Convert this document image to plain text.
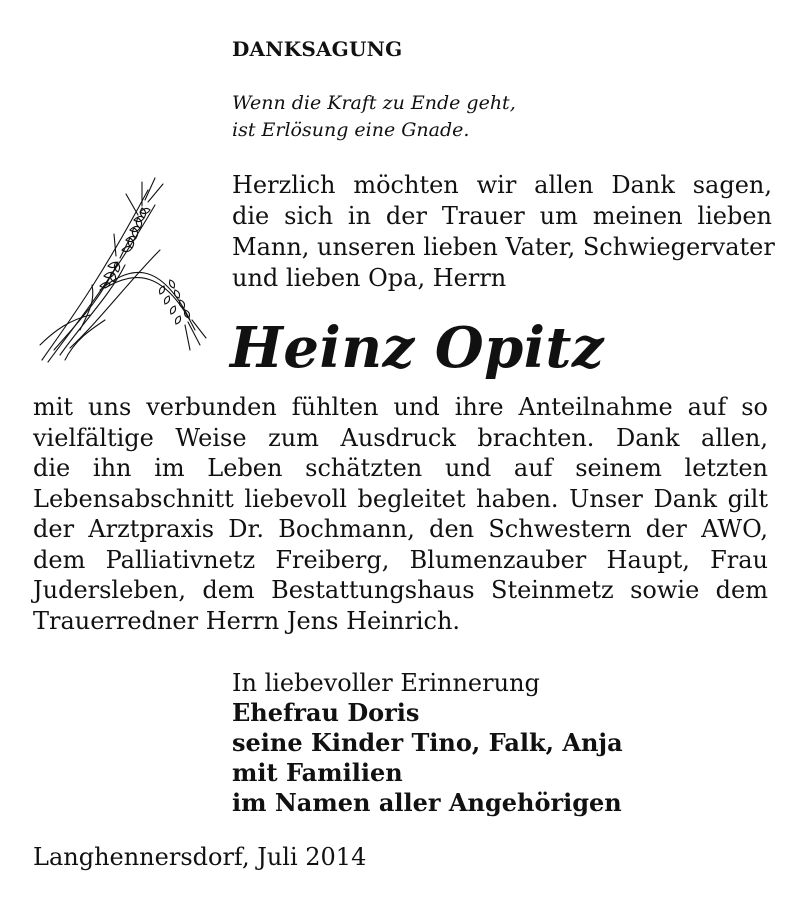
DANKSAGUNG
Wenn die Kraft zu Ende geht,
ist Erlösung eine Gnade.
Herzlich möchten wir allen Dank sagen,
die sich in der Trauer um meinen lieben
Mann, unseren lieben Vater, Schwiegervater
und lieben Opa, Herrn
Heinz Opitz
mit uns verbunden fühlten und ihre Anteilnahme auf so
vielfältige Weise zum Ausdruck brachten. Dank allen,
die ihn im Leben schätzten und auf seinem letzten
Lebensabschnitt liebevoll begleitet haben. Unser Dank gilt
der Arztpraxis Dr. Bochmann, den Schwestern der AWO,
dem Palliativnetz Freiberg, Blumenzauber Haupt, Frau
Judersleben, dem Bestattungshaus Steinmetz sowie dem
Trauerredner Herrn Jens Heinrich.
In liebevoller Erinnerung
Ehefrau Doris
seine Kinder Tino, Falk, Anja
mit Familien
im Namen aller Angehörigen
Langhennersdorf, Juli 2014
